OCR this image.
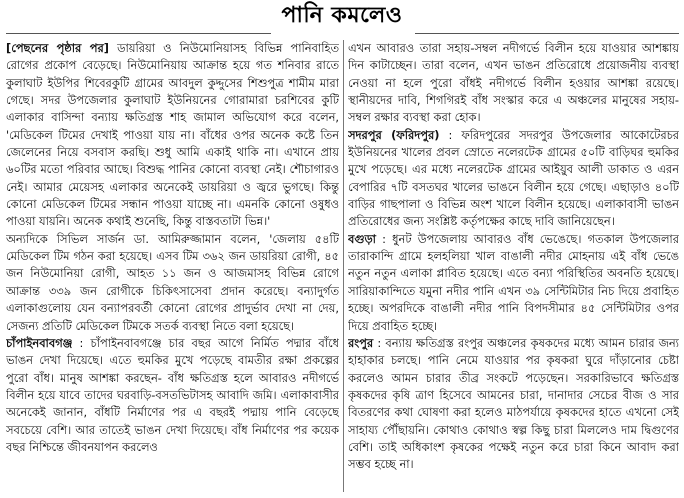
পানি কমলেও

[পেছনের পৃষ্ঠার পর] ডায়রিয়া ও নিউমোনিয়াসহ বিভিন্ন পানিবাহিত রোগের প্রকোপ বেড়েছে। নিউমোনিয়ায় আক্রান্ত হয়ে গত শনিবার রাতে কুলাঘাট ইউপির শিবেরকুটি গ্রামের আবদুল কুদ্দুসের শিশুপুত্র শামীম মারা গেছে। সদর উপজেলার কুলাঘাট ইউনিয়নের গোরামারা চরশিবের কুটি এলাকার বাসিন্দা বন্যায় ক্ষতিগ্রস্ত শাহ জামাল অভিযোগ করে বলেন, 'মেডিকেল টিমের দেখাই পাওয়া যায় না। বাঁধের ওপর অনেক কষ্টে তিন জেলেনের নিয়ে বসবাস করছি। শুধু আমি একাই থাকি না। এখানে প্রায় ৬০টির মতো পরিবার আছে। বিশুদ্ধ পানির কোনো ব্যবস্থা নেই। শৌচাগারও নেই। আমার মেয়েসহ এলাকার অনেকেই ডায়রিয়া ও জ্বরে ভুগছে। কিন্তু কোনো মেডিকেল টিমের সন্ধান পাওয়া যাচ্ছে না। এমনকি কোনো ওষুধও পাওয়া যায়নি। অনেক কথাই শুনেছি, কিন্তু বাস্তবতাটা ভিন্ন।'

অন্যদিকে সিভিল সার্জন ডা. আমিরুজ্জামান বলেন, 'জেলায় ৫৪টি মেডিকেল টিম গঠন করা হয়েছে। এসব টিম ৩৬২ জন ডায়রিয়া রোগী, ৪৫ জন নিউমোনিয়া রোগী, আহত ১১ জন ও আজমাসহ বিভিন্ন রোগে আক্রান্ত ৩৩৯ জন রোগীকে চিকিৎসাসেবা প্রদান করেছে। বন্যাদুর্গত এলাকাগুলোয় যেন বন্যাপরবর্তী কোনো রোগের প্রাদুর্ভাব দেখা না দেয়, সেজন্য প্রতিটি মেডিকেল টিমকে সতর্ক ব্যবস্থা নিতে বলা হয়েছে।

চাঁপাইনবাবগঞ্জ : চাঁপাইনবাবগঞ্জে চার বছর আগে নির্মিত পদ্মার বাঁধে ভাঙন দেখা দিয়েছে। এতে হুমকির মুখে পড়েছে বামতীর রক্ষা প্রকল্পের পুরো বাঁধ। মানুষ আশঙ্কা করছেন- বাঁধ ক্ষতিগ্রস্ত হলে আবারও নদীগর্ভে বিলীন হয়ে যাবে তাদের ঘরবাড়ি-বসতভিটাসহ আবাদি জমি। এলাকাবাসীর অনেকেই জানান, বাঁধটি নির্মাণের পর এ বছরই পদ্মায় পানি বেড়েছে সবচেয়ে বেশি। আর তাতেই ভাঙন দেখা দিয়েছে। বাঁধ নির্মাণের পর কয়েক বছর নিশ্চিন্তে জীবনযাপন করলেও

এখন আবারও তারা সহায়-সম্বল নদীগর্ভে বিলীন হয়ে যাওয়ার আশঙ্কায় দিন কাটাচ্ছেন। তারা বলেন, এখন ভাঙন প্রতিরোধে প্রয়োজনীয় ব্যবস্থা নেওয়া না হলে পুরো বাঁধই নদীগর্ভে বিলীন হওয়ার আশঙ্কা রয়েছে। স্থানীয়দের দাবি, শিগগিরই বাঁধ সংস্কার করে এ অঞ্চলের মানুষের সহায়-সম্বল রক্ষার ব্যবস্থা করা হোক।

সদরপুর (ফরিদপুর) : ফরিদপুরের সদরপুর উপজেলার আকোটেরচর ইউনিয়নের খালের প্রবল স্রোতে নলেরটেক গ্রামের ৫০টি বাড়িঘর হুমকির মুখে পড়েছে। এর মধ্যে নলেরটেক গ্রামের আইয়ুব আলী ডাকাত ও এরন বেপারির ৭টি বসতঘর খালের ভাঙনে বিলীন হয়ে গেছে। এছাড়াও ৪০টি বাড়ির গাছপালা ও বিভিন্ন অংশ খালে বিলীন হয়েছে। এলাকাবাসী ভাঙন প্রতিরোধের জন্য সংশ্লিষ্ট কর্তৃপক্ষের কাছে দাবি জানিয়েছেন।

বগুড়া : ধুনট উপজেলায় আবারও বাঁধ ভেঙেছে। গতকাল উপজেলার তারাকান্দি গ্রামে হলহলিয়া খাল বাঙালী নদীর মোহনায় এই বাঁধ ভেঙে নতুন নতুন এলাকা প্লাবিত হয়েছে। এতে বন্যা পরিস্থিতির অবনতি হয়েছে। সারিয়াকান্দিতে যমুনা নদীর পানি এখন ৩৯ সেন্টিমিটার নিচ দিয়ে প্রবাহিত হচ্ছে। অপরদিকে বাঙালী নদীর পানি বিপদসীমার ৪৫ সেন্টিমিটার ওপর দিয়ে প্রবাহিত হচ্ছে।

রংপুর : বন্যায় ক্ষতিগ্রস্ত রংপুর অঞ্চলের কৃষকদের মধ্যে আমন চারার জন্য হাহাকার চলছে। পানি নেমে যাওয়ার পর কৃষকরা ঘুরে দাঁড়ানোর চেষ্টা করলেও আমন চারার তীব্র সংকটে পড়েছেন। সরকারিভাবে ক্ষতিগ্রস্ত কৃষকদের কৃষি ত্রাণ হিসেবে আমনের চারা, দানাদার সেচের বীজ ও সার বিতরণের কথা ঘোষণা করা হলেও মাঠপর্যায়ে কৃষকদের হাতে এখনো সেই সাহায্য পৌঁছায়নি। কোথাও কোথাও স্বল্প কিছু চারা মিললেও দাম দ্বিগুণের বেশি। তাই অধিকাংশ কৃষকের পক্ষেই নতুন করে চারা কিনে আবাদ করা সম্ভব হচ্ছে না।
